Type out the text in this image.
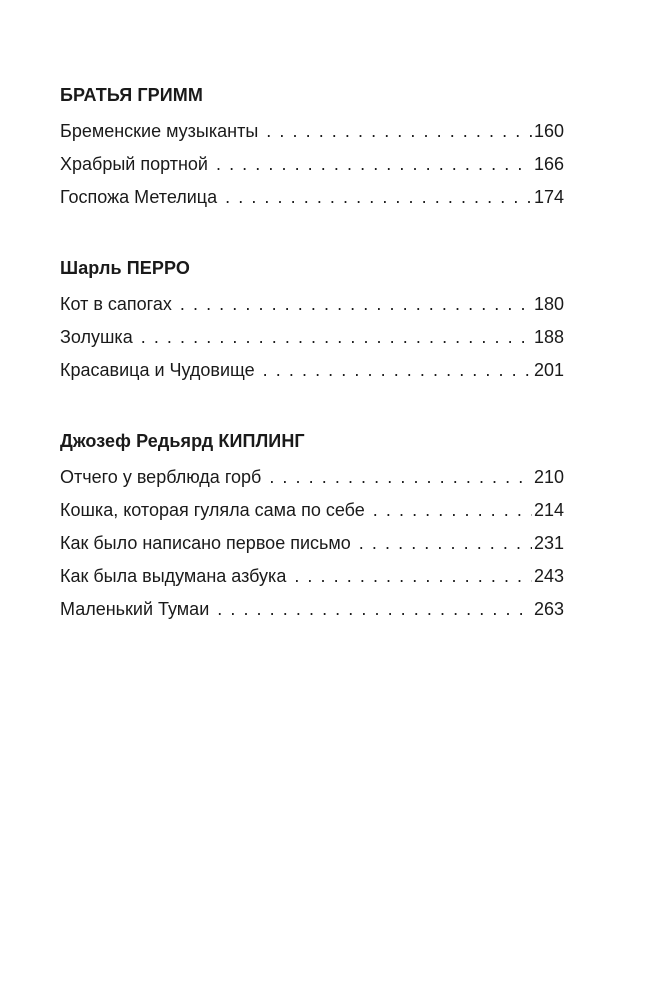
БРАТЬЯ ГРИММ
Бременские музыканты . . .	160
Храбрый портной . . .	166
Госпожа Метелица . . .	174
Шарль ПЕРРО
Кот в сапогах . . .	180
Золушка . . .	188
Красавица и Чудовище . . .	201
Джозеф Редьярд КИПЛИНГ
Отчего у верблюда горб . . .	210
Кошка, которая гуляла сама по себе . . .	214
Как было написано первое письмо . . .	231
Как была выдумана азбука . . .	243
Маленький Тумаи . . .	263
